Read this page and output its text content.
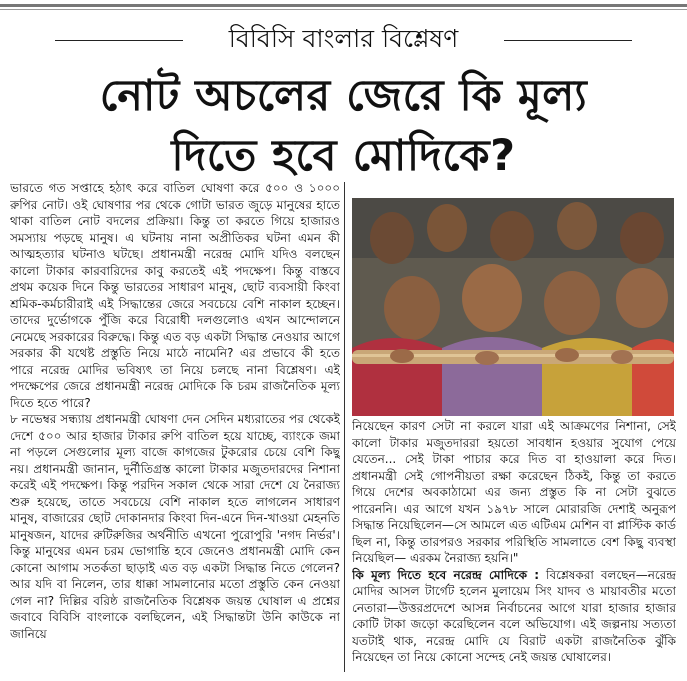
বিবিসি বাংলার বিশ্লেষণ
নোট অচলের জেরে কি মূল্য
দিতে হবে মোদিকে?

ভারতে গত সপ্তাহে হঠাৎ করে বাতিল ঘোষণা করে ৫০০ ও ১০০০ রুপির নোট। ওই ঘোষণার পর থেকে গোটা ভারত জুড়ে মানুষের হাতে থাকা বাতিল নোট বদলের প্রক্রিয়া। কিন্তু তা করতে গিয়ে হাজারও সমস্যায় পড়ছে মানুষ। এ ঘটনায় নানা অপ্রীতিকর ঘটনা এমন কী আত্মহত্যার ঘটনাও ঘটছে। প্রধানমন্ত্রী নরেন্দ্র মোদি যদিও বলছেন কালো টাকার কারবারিদের কাবু করতেই এই পদক্ষেপ। কিন্তু বাস্তবে প্রথম কয়েক দিনে কিন্তু ভারতের সাধারণ মানুষ, ছোট ব্যবসায়ী কিংবা শ্রমিক-কর্মচারীরাই এই সিদ্ধান্তের জেরে সবচেয়ে বেশি নাকাল হচ্ছেন। তাদের দুর্ভোগকে পুঁজি করে বিরোধী দলগুলোও এখন আন্দোলনে নেমেছে সরকারের বিরুদ্ধে। কিন্তু এত বড় একটা সিদ্ধান্ত নেওয়ার আগে সরকার কী যথেষ্ট প্রস্তুতি নিয়ে মাঠে নামেনি? এর প্রভাবে কী হতে পারে নরেন্দ্র মোদির ভবিষ্যৎ তা নিয়ে চলছে নানা বিশ্লেষণ। এই পদক্ষেপের জেরে প্রধানমন্ত্রী নরেন্দ্র মোদিকে কি চরম রাজনৈতিক মূল্য দিতে হতে পারে?

৮ নভেম্বর সন্ধ্যায় প্রধানমন্ত্রী ঘোষণা দেন সেদিন মধ্যরাতের পর থেকেই দেশে ৫০০ আর হাজার টাকার রুপি বাতিল হয়ে যাচ্ছে, ব্যাংকে জমা না পড়লে সেগুলোর মূল্য বাজে কাগজের টুকরোর চেয়ে বেশি কিছু নয়। প্রধানমন্ত্রী জানান, দুর্নীতিগ্রস্ত কালো টাকার মজুতদারদের নিশানা করেই এই পদক্ষেপ। কিন্তু পরদিন সকাল থেকে সারা দেশে যে নৈরাজ্য শুরু হয়েছে, তাতে সবচেয়ে বেশি নাকাল হতে লাগলেন সাধারণ মানুষ, বাজারের ছোট দোকানদার কিংবা দিন-এনে দিন-খাওয়া মেহনতি মানুষজন, যাদের রুটিরুজির অর্থনীতি এখনো পুরোপুরি 'নগদ নির্ভর'। কিন্তু মানুষের এমন চরম ভোগান্তি হবে জেনেও প্রধানমন্ত্রী মোদি কেন কোনো আগাম সতর্কতা ছাড়াই এত বড় একটা সিদ্ধান্ত নিতে গেলেন? আর যদি বা নিলেন, তার ধাক্কা সামলানোর মতো প্রস্তুতি কেন নেওয়া গেল না? দিল্লির বরিষ্ঠ রাজনৈতিক বিশ্লেষক জয়ন্ত ঘোষাল এ প্রশ্নের জবাবে বিবিসি বাংলাকে বলছিলেন, এই সিদ্ধান্তটা উনি কাউকে না জানিয়ে

নিয়েছেন কারণ সেটা না করলে যারা এই আক্রমণের নিশানা, সেই কালো টাকার মজুতদাররা হয়তো সাবধান হওয়ার সুযোগ পেয়ে যেতেন... সেই টাকা পাচার করে দিত বা হাওয়ালা করে দিত। প্রধানমন্ত্রী সেই গোপনীয়তা রক্ষা করেছেন ঠিকই, কিন্তু তা করতে গিয়ে দেশের অবকাঠামো এর জন্য প্রস্তুত কি না সেটা বুঝতে পারেননি। এর আগে যখন ১৯৭৮ সালে মোরারজি দেশাই অনুরূপ সিদ্ধান্ত নিয়েছিলেন—সে আমলে এত এটিএম মেশিন বা প্লাস্টিক কার্ড ছিল না, কিন্তু তারপরও সরকার পরিস্থিতি সামলাতে বেশ কিছু ব্যবস্থা নিয়েছিল— এরকম নৈরাজ্য হয়নি।"

কি মূল্য দিতে হবে নরেন্দ্র মোদিকে : বিশ্লেষকরা বলছেন—নরেন্দ্র মোদির আসল টার্গেট হলেন মুলায়েম সিং যাদব ও মায়াবতীর মতো নেতারা—উত্তরপ্রদেশে আসন্ন নির্বাচনের আগে যারা হাজার হাজার কোটি টাকা জড়ো করেছিলেন বলে অভিযোগ। এই জল্পনায় সত্যতা যতটাই থাক, নরেন্দ্র মোদি যে বিরাট একটা রাজনৈতিক ঝুঁকি নিয়েছেন তা নিয়ে কোনো সন্দেহ নেই জয়ন্ত ঘোষালের।
